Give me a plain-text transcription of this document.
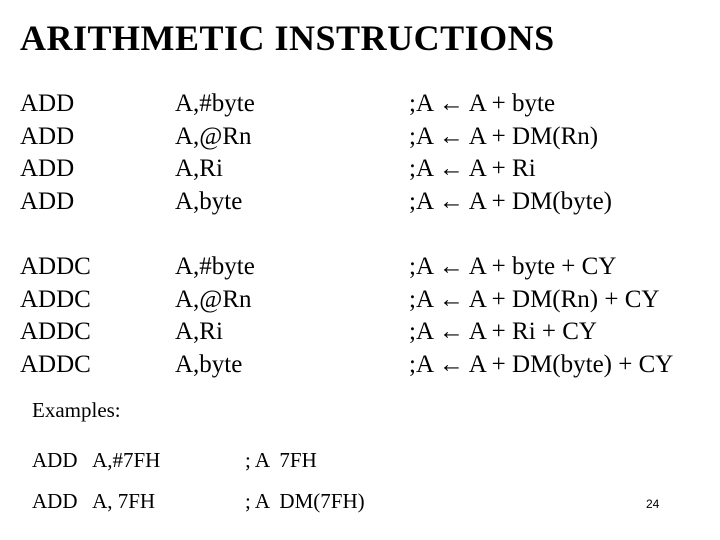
ARITHMETIC INSTRUCTIONS
ADD	A,#byte	;A ← A + byte
ADD	A,@Rn	;A ← A + DM(Rn)
ADD	A,Ri	;A ← A + Ri
ADD	A,byte	;A ← A + DM(byte)
ADDC	A,#byte	;A ← A + byte + CY
ADDC	A,@Rn	;A ← A + DM(Rn) + CY
ADDC	A,Ri	;A ← A + Ri + CY
ADDC	A,byte	;A ← A + DM(byte) + CY
Examples:
ADD   A,#7FH	; A  7FH
ADD   A, 7FH	; A  DM(7FH)	24
